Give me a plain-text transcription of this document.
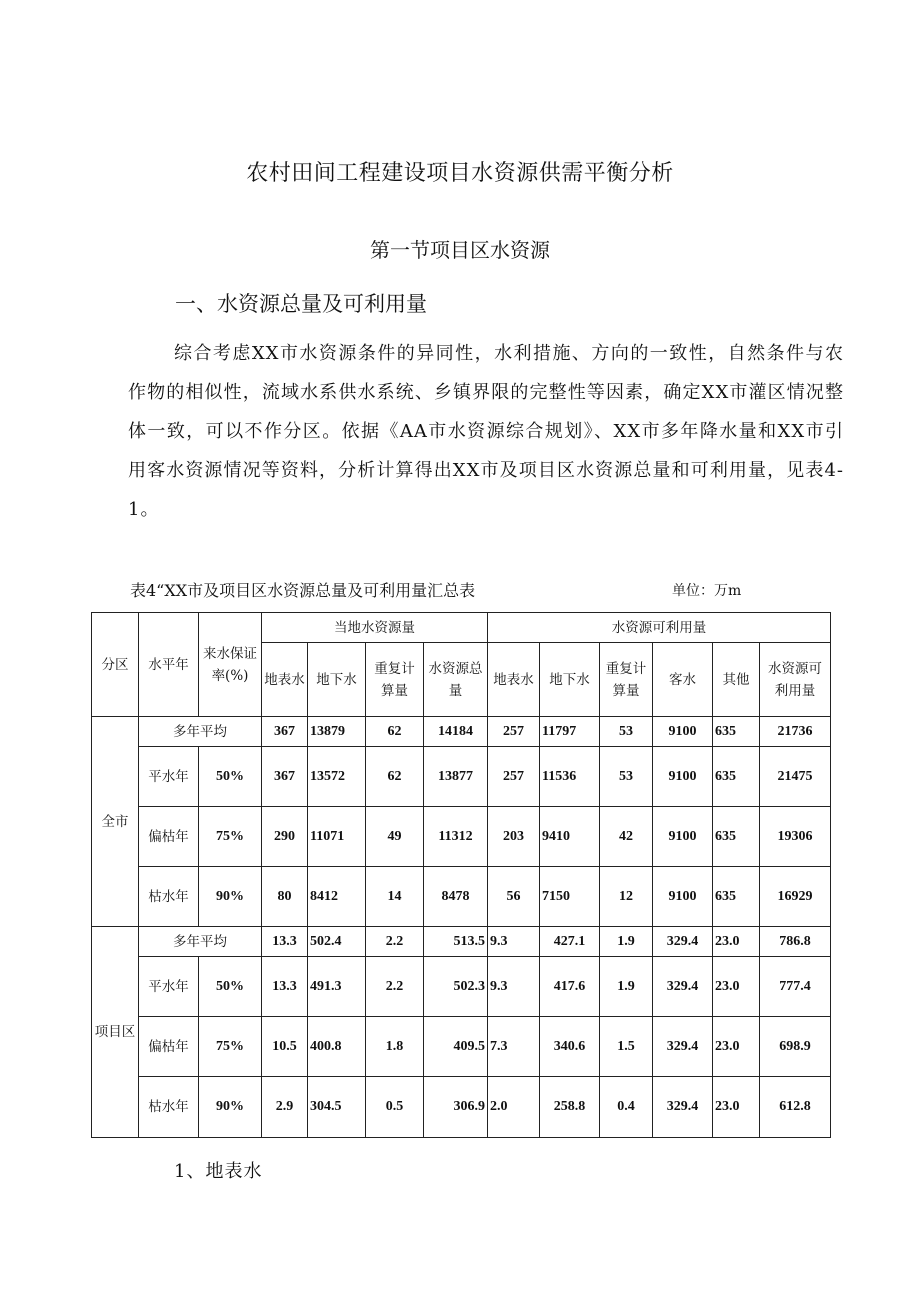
农村田间工程建设项目水资源供需平衡分析
第一节项目区水资源
一、水资源总量及可利用量
综合考虑XX市水资源条件的异同性，水利措施、方向的一致性，自然条件与农作物的相似性，流域水系供水系统、乡镇界限的完整性等因素，确定XX市灌区情况整体一致，可以不作分区。依据《AA市水资源综合规划》、XX市多年降水量和XX市引用客水资源情况等资料，分析计算得出XX市及项目区水资源总量和可利用量，见表4-1。
表4“XX市及项目区水资源总量及可利用量汇总表	单位：万m
分区	水平年	来水保证率(%)	当地水资源量				水资源可利用量					
			地表水	地下水	重复计算量	水资源总量	地表水	地下水	重复计算量	客水	其他	水资源可利用量
全市	多年平均		367	13879	62	14184	257	11797	53	9100	635	21736
	平水年	50%	367	13572	62	13877	257	11536	53	9100	635	21475
	偏枯年	75%	290	11071	49	11312	203	9410	42	9100	635	19306
	枯水年	90%	80	8412	14	8478	56	7150	12	9100	635	16929
项目区	多年平均		13.3	502.4	2.2	513.5	9.3	427.1	1.9	329.4	23.0	786.8
	平水年	50%	13.3	491.3	2.2	502.3	9.3	417.6	1.9	329.4	23.0	777.4
	偏枯年	75%	10.5	400.8	1.8	409.5	7.3	340.6	1.5	329.4	23.0	698.9
	枯水年	90%	2.9	304.5	0.5	306.9	2.0	258.8	0.4	329.4	23.0	612.8
1、地表水
